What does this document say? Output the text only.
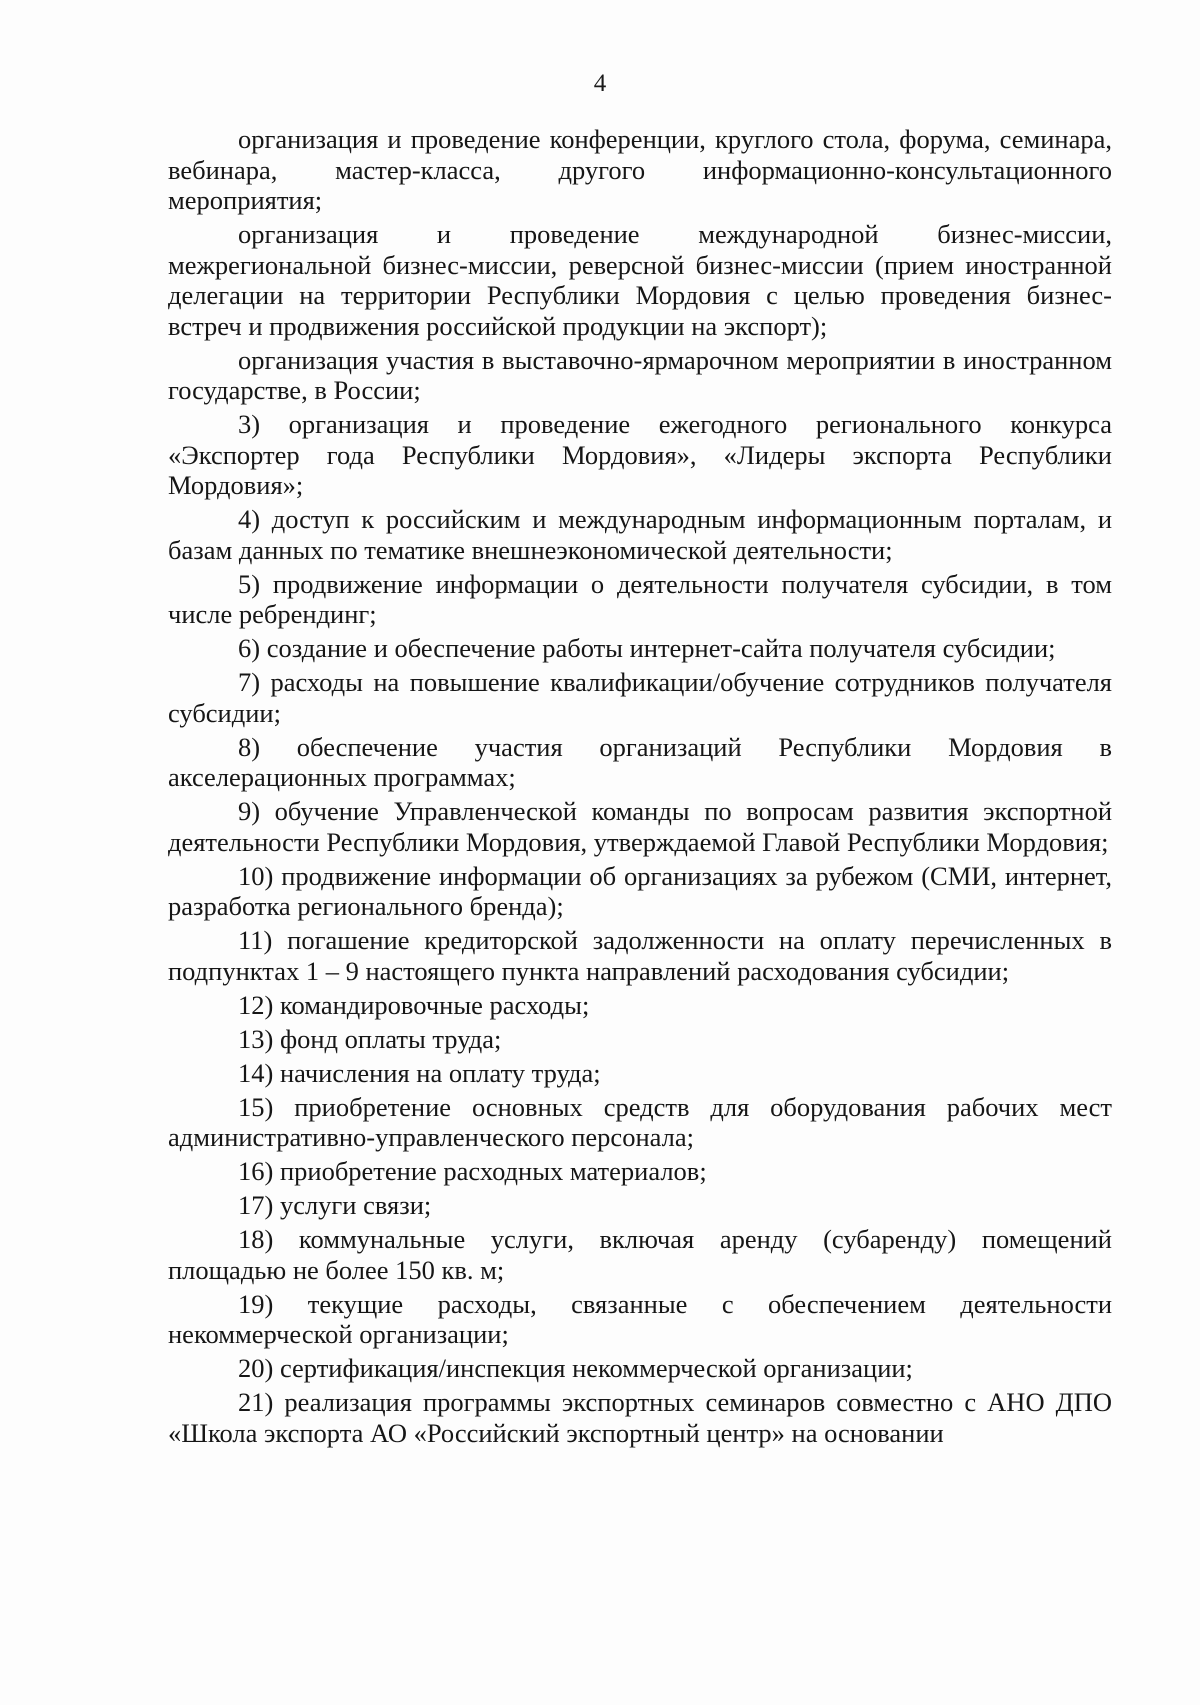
4

организация и проведение конференции, круглого стола, форума, семинара, вебинара, мастер-класса, другого информационно-консультационного мероприятия;

организация и проведение международной бизнес-миссии, межрегиональной бизнес-миссии, реверсной бизнес-миссии (прием иностранной делегации на территории Республики Мордовия с целью проведения бизнес-встреч и продвижения российской продукции на экспорт);

организация участия в выставочно-ярмарочном мероприятии в иностранном государстве, в России;

3) организация и проведение ежегодного регионального конкурса «Экспортер года Республики Мордовия», «Лидеры экспорта Республики Мордовия»;

4) доступ к российским и международным информационным порталам, и базам данных по тематике внешнеэкономической деятельности;

5) продвижение информации о деятельности получателя субсидии, в том числе ребрендинг;

6) создание и обеспечение работы интернет-сайта получателя субсидии;

7) расходы на повышение квалификации/обучение сотрудников получателя субсидии;

8) обеспечение участия организаций Республики Мордовия в акселерационных программах;

9) обучение Управленческой команды по вопросам развития экспортной деятельности Республики Мордовия, утверждаемой Главой Республики Мордовия;

10) продвижение информации об организациях за рубежом (СМИ, интернет, разработка регионального бренда);

11) погашение кредиторской задолженности на оплату перечисленных в подпунктах 1 – 9 настоящего пункта направлений расходования субсидии;

12) командировочные расходы;

13) фонд оплаты труда;

14) начисления на оплату труда;

15) приобретение основных средств для оборудования рабочих мест административно-управленческого персонала;

16) приобретение расходных материалов;

17) услуги связи;

18) коммунальные услуги, включая аренду (субаренду) помещений площадью не более 150 кв. м;

19) текущие расходы, связанные с обеспечением деятельности некоммерческой организации;

20) сертификация/инспекция некоммерческой организации;

21) реализация программы экспортных семинаров совместно с АНО ДПО «Школа экспорта АО «Российский экспортный центр» на основании
